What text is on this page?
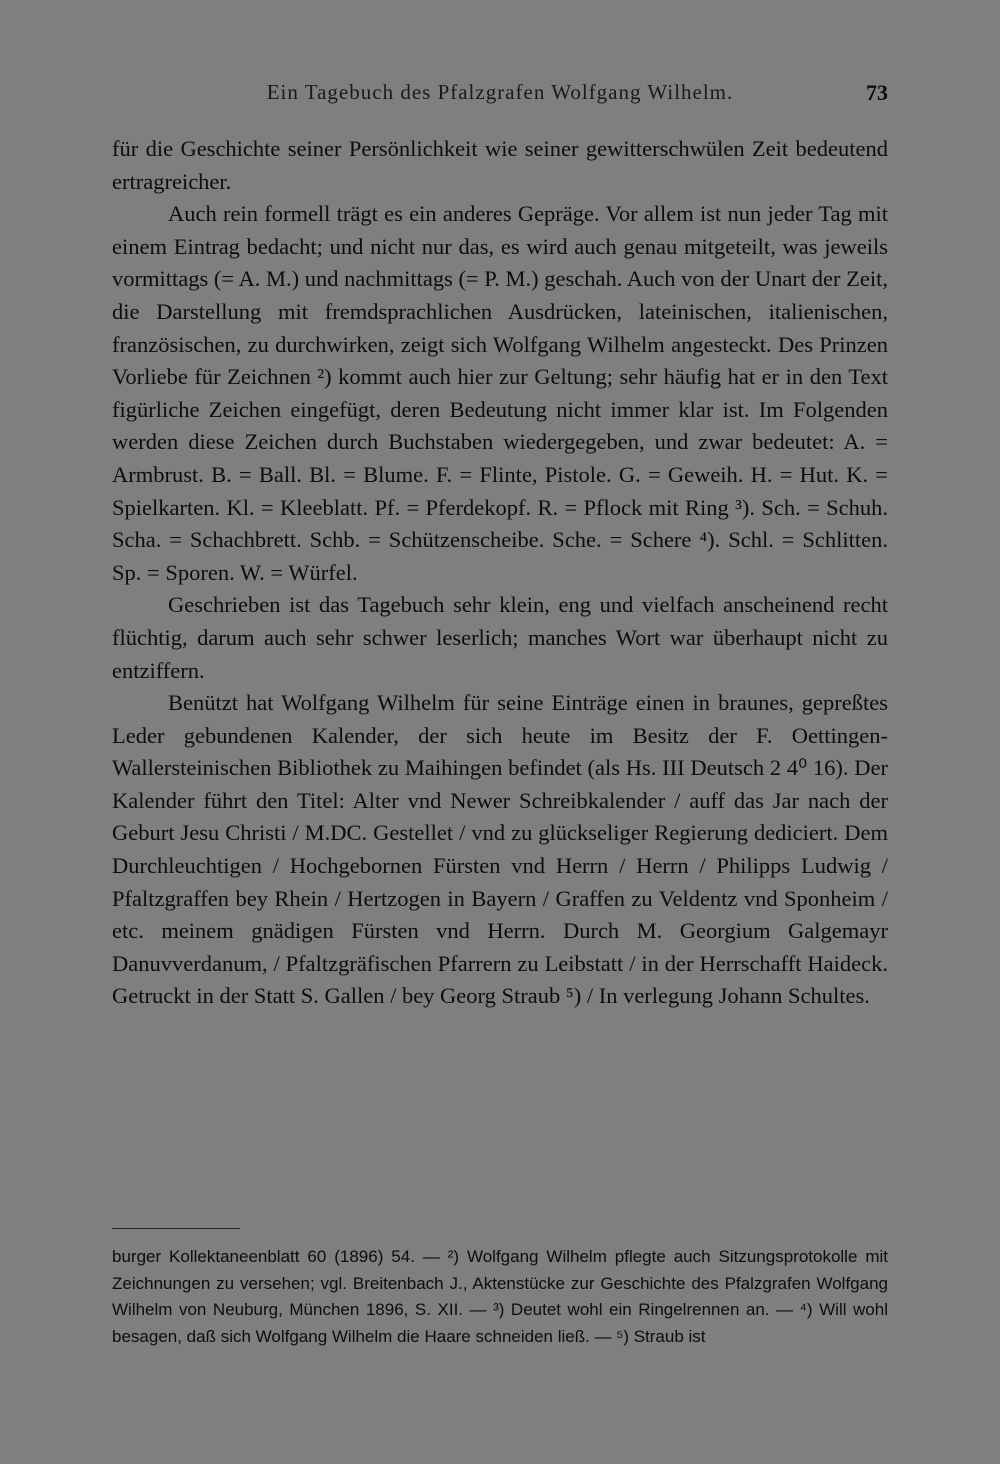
Ein Tagebuch des Pfalzgrafen Wolfgang Wilhelm.	73

für die Geschichte seiner Persönlichkeit wie seiner gewitterschwülen Zeit bedeutend ertragreicher.

Auch rein formell trägt es ein anderes Gepräge. Vor allem ist nun jeder Tag mit einem Eintrag bedacht; und nicht nur das, es wird auch genau mitgeteilt, was jeweils vormittags (= A. M.) und nachmittags (= P. M.) geschah. Auch von der Unart der Zeit, die Darstellung mit fremdsprachlichen Ausdrücken, lateinischen, italienischen, französischen, zu durchwirken, zeigt sich Wolfgang Wilhelm angesteckt. Des Prinzen Vorliebe für Zeichnen ²) kommt auch hier zur Geltung; sehr häufig hat er in den Text figürliche Zeichen eingefügt, deren Bedeutung nicht immer klar ist. Im Folgenden werden diese Zeichen durch Buchstaben wiedergegeben, und zwar bedeutet: A. = Armbrust. B. = Ball. Bl. = Blume. F. = Flinte, Pistole. G. = Geweih. H. = Hut. K. = Spielkarten. Kl. = Kleeblatt. Pf. = Pferdekopf. R. = Pflock mit Ring ³). Sch. = Schuh. Scha. = Schachbrett. Schb. = Schützenscheibe. Sche. = Schere ⁴). Schl. = Schlitten. Sp. = Sporen. W. = Würfel.

Geschrieben ist das Tagebuch sehr klein, eng und vielfach anscheinend recht flüchtig, darum auch sehr schwer leserlich; manches Wort war überhaupt nicht zu entziffern.

Benützt hat Wolfgang Wilhelm für seine Einträge einen in braunes, gepreßtes Leder gebundenen Kalender, der sich heute im Besitz der F. Oettingen-Wallersteinischen Bibliothek zu Maihingen befindet (als Hs. III Deutsch 2 4⁰ 16). Der Kalender führt den Titel: Alter vnd Newer Schreibkalender / auff das Jar nach der Geburt Jesu Christi / M.DC. Gestellet / vnd zu glückseliger Regierung dediciert. Dem Durchleuchtigen / Hochgebornen Fürsten vnd Herrn / Herrn / Philipps Ludwig / Pfaltzgraffen bey Rhein / Hertzogen in Bayern / Graffen zu Veldentz vnd Sponheim / etc. meinem gnädigen Fürsten vnd Herrn. Durch M. Georgium Galgemayr Danuvverdanum, / Pfaltzgräfischen Pfarrern zu Leibstatt / in der Herrschafft Haideck. Getruckt in der Statt S. Gallen / bey Georg Straub ⁵) / In verlegung Johann Schultes.

burger Kollektaneenblatt 60 (1896) 54. — ²) Wolfgang Wilhelm pflegte auch Sitzungsprotokolle mit Zeichnungen zu versehen; vgl. Breitenbach J., Aktenstücke zur Geschichte des Pfalzgrafen Wolfgang Wilhelm von Neuburg, München 1896, S. XII. — ³) Deutet wohl ein Ringelrennen an. — ⁴) Will wohl besagen, daß sich Wolfgang Wilhelm die Haare schneiden ließ. — ⁵) Straub ist
